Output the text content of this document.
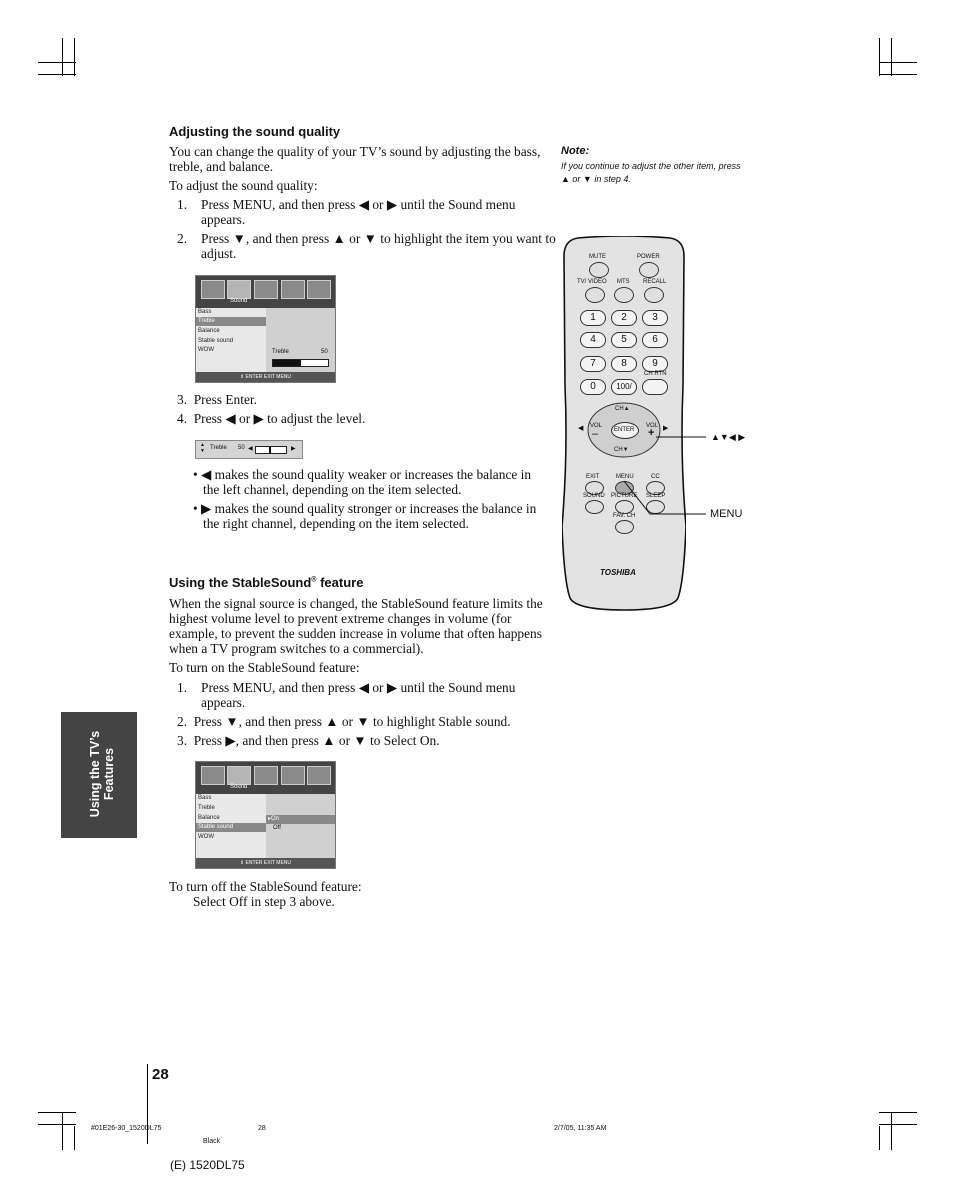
Adjusting the sound quality
You can change the quality of your TV’s sound by adjusting the bass,
treble, and balance.
To adjust the sound quality:
1. Press MENU, and then press ◀ or ▶ until the Sound menu
appears.
2. Press ▼, and then press ▲ or ▼ to highlight the item you want to
adjust.
Sound
Bass
Treble
Balance
Stable sound
WOW	Treble	50
⇕ ENTER EXIT MENU
3.  Press Enter.
4.  Press ◀ or ▶ to adjust the level.
▲
▼ Treble 50 ◀	▶
• ◀ makes the sound quality weaker or increases the balance in
the left channel, depending on the item selected.
• ▶ makes the sound quality stronger or increases the balance in
the right channel, depending on the item selected.
Note:
If you continue to adjust the other item, press
▲ or ▼ in step 4.
Using the StableSound® feature
When the signal source is changed, the StableSound feature limits the
highest volume level to prevent extreme changes in volume (for
example, to prevent the sudden increase in volume that often happens
when a TV program switches to a commercial).
To turn on the StableSound feature:
1. Press MENU, and then press ◀ or ▶ until the Sound menu
appears.
2.  Press ▼, and then press ▲ or ▼ to highlight Stable sound.
3.  Press ▶, and then press ▲ or ▼ to Select On.
Sound
Bass
Treble
Balance
Stable sound
WOW
▸On
Off
⇕ ENTER EXIT MENU
To turn off the StableSound feature:
Select Off in step 3 above.
MUTE	POWER
TV/ VIDEO MTS RECALL
1	2	3
4	5	6
7	8	9
CH RTN
0	100/
CH▲
CH▼
VOL
–
VOL
+
◀	▶
ENTER
EXIT	MENU	CC
SOUND PICTURE SLEEP
FAV. CH
TOSHIBA
▲▼◀ ▶
MENU
Using the TV’s Features
28
#01E26-30_1520DL75	28	2/7/05, 11:35 AM
Black
(E) 1520DL75
